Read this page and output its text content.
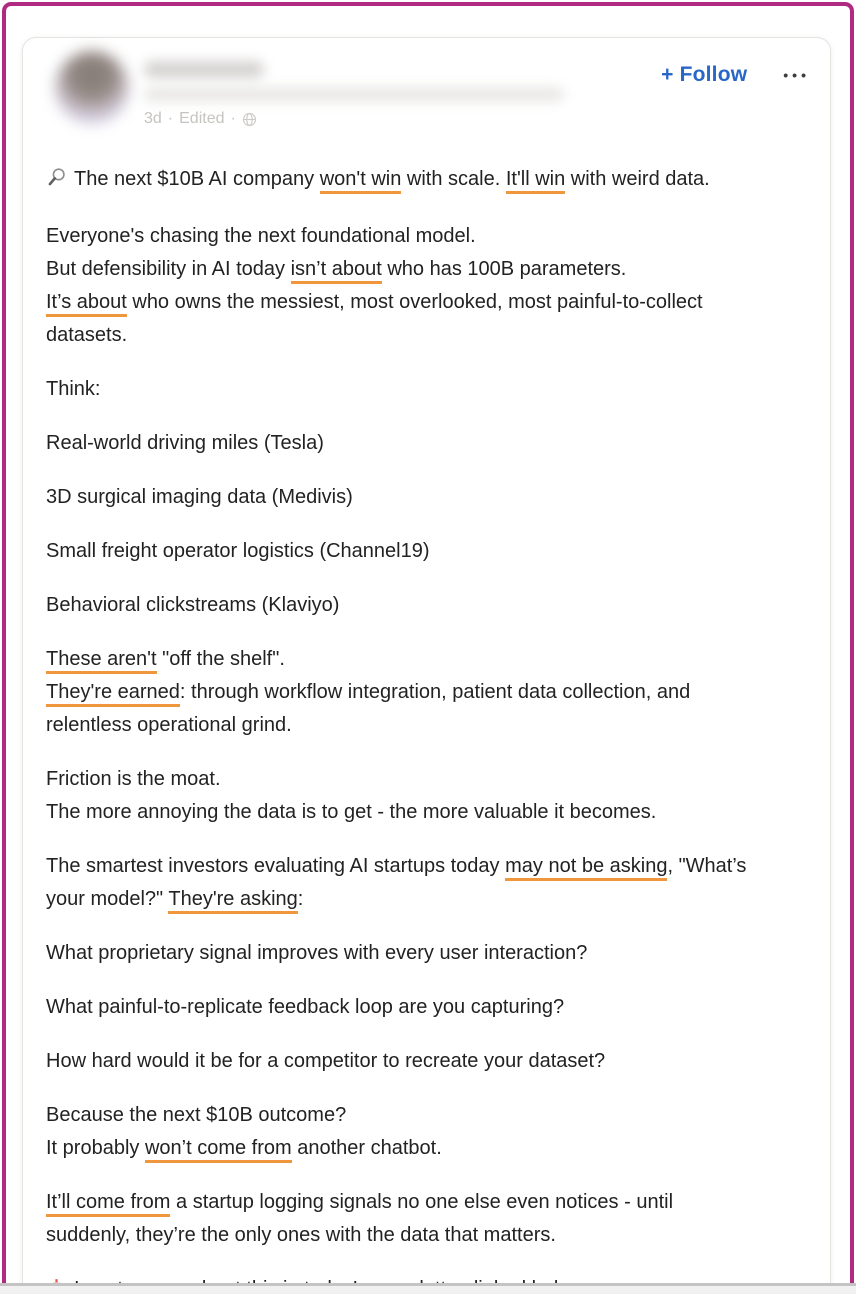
3d · Edited ·
+ Follow	•••

The next $10B AI company won't win with scale. It'll win with weird data.

Everyone's chasing the next foundational model.
But defensibility in AI today isn’t about who has 100B parameters.
It’s about who owns the messiest, most overlooked, most painful-to-collect
datasets.

Think:

Real-world driving miles (Tesla)

3D surgical imaging data (Medivis)

Small freight operator logistics (Channel19)

Behavioral clickstreams (Klaviyo)

These aren't "off the shelf".
They're earned: through workflow integration, patient data collection, and
relentless operational grind.

Friction is the moat.
The more annoying the data is to get - the more valuable it becomes.

The smartest investors evaluating AI startups today may not be asking, "What’s
your model?" They're asking:

What proprietary signal improves with every user interaction?

What painful-to-replicate feedback loop are you capturing?

How hard would it be for a competitor to recreate your dataset?

Because the next $10B outcome?
It probably won’t come from another chatbot.

It’ll come from a startup logging signals no one else even notices - until
suddenly, they’re the only ones with the data that matters.
